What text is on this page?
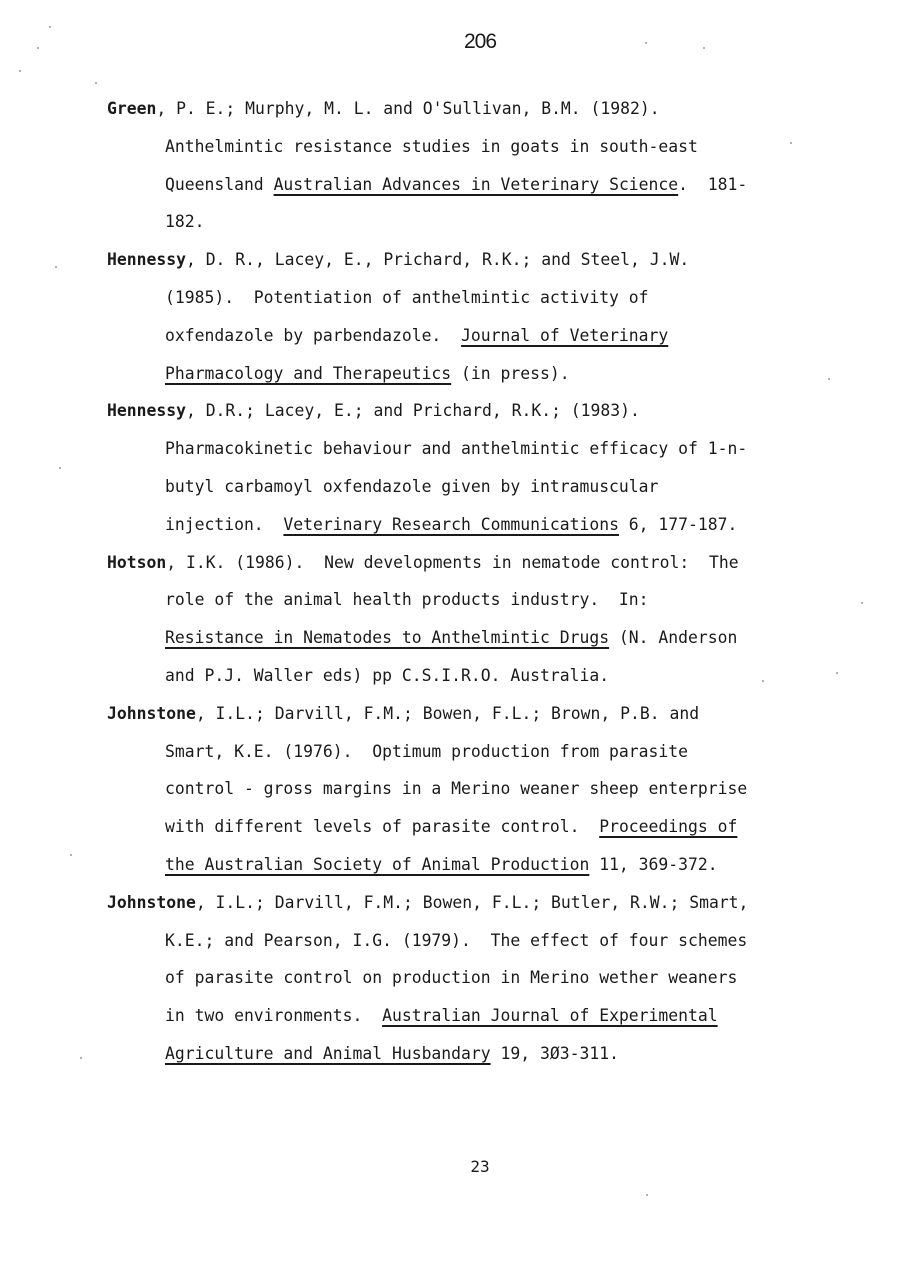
206
Green, P. E.; Murphy, M. L. and O'Sullivan, B.M. (1982).
Anthelmintic resistance studies in goats in south-east
Queensland Australian Advances in Veterinary Science.  181-
182.
Hennessy, D. R., Lacey, E., Prichard, R.K.; and Steel, J.W.
(1985).  Potentiation of anthelmintic activity of
oxfendazole by parbendazole.  Journal of Veterinary
Pharmacology and Therapeutics (in press).
Hennessy, D.R.; Lacey, E.; and Prichard, R.K.; (1983).
Pharmacokinetic behaviour and anthelmintic efficacy of 1-n-
butyl carbamoyl oxfendazole given by intramuscular
injection.  Veterinary Research Communications 6, 177-187.
Hotson, I.K. (1986).  New developments in nematode control:  The
role of the animal health products industry.  In:
Resistance in Nematodes to Anthelmintic Drugs (N. Anderson
and P.J. Waller eds) pp C.S.I.R.O. Australia.
Johnstone, I.L.; Darvill, F.M.; Bowen, F.L.; Brown, P.B. and
Smart, K.E. (1976).  Optimum production from parasite
control - gross margins in a Merino weaner sheep enterprise
with different levels of parasite control.  Proceedings of
the Australian Society of Animal Production 11, 369-372.
Johnstone, I.L.; Darvill, F.M.; Bowen, F.L.; Butler, R.W.; Smart,
K.E.; and Pearson, I.G. (1979).  The effect of four schemes
of parasite control on production in Merino wether weaners
in two environments.  Australian Journal of Experimental
Agriculture and Animal Husbandary 19, 3Ø3-311.
23
